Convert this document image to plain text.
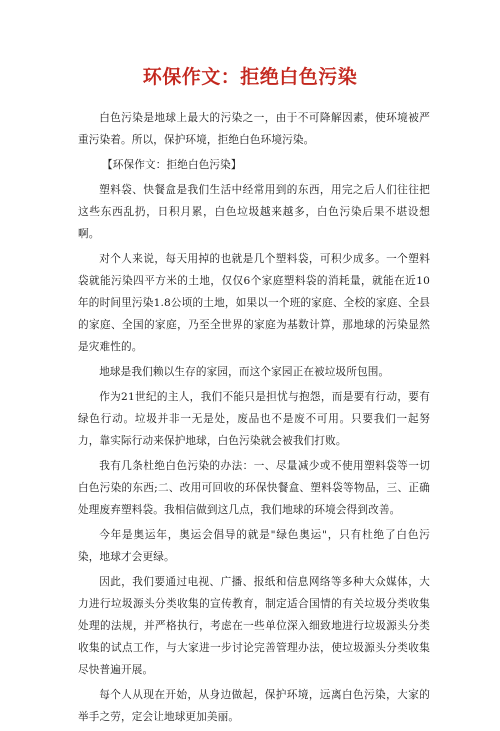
环保作文：拒绝白色污染

白色污染是地球上最大的污染之一，由于不可降解因素，使环境被严重污染着。所以，保护环境，拒绝白色环境污染。

【环保作文：拒绝白色污染】

塑料袋、快餐盒是我们生活中经常用到的东西，用完之后人们往往把这些东西乱扔，日积月累，白色垃圾越来越多，白色污染后果不堪设想啊。

对个人来说，每天用掉的也就是几个塑料袋，可积少成多。一个塑料袋就能污染四平方米的土地，仅仅6个家庭塑料袋的消耗量，就能在近10年的时间里污染1.8公顷的土地，如果以一个班的家庭、全校的家庭、全县的家庭、全国的家庭，乃至全世界的家庭为基数计算，那地球的污染显然是灾难性的。

地球是我们赖以生存的家园，而这个家园正在被垃圾所包围。

作为21世纪的主人，我们不能只是担忧与抱怨，而是要有行动，要有绿色行动。垃圾并非一无是处，废品也不是废不可用。只要我们一起努力，靠实际行动来保护地球，白色污染就会被我们打败。

我有几条杜绝白色污染的办法：一、尽量减少或不使用塑料袋等一切白色污染的东西;二、改用可回收的环保快餐盒、塑料袋等物品，三、正确处理废弃塑料袋。我相信做到这几点，我们地球的环境会得到改善。

今年是奥运年，奥运会倡导的就是"绿色奥运"，只有杜绝了白色污染，地球才会更绿。

因此，我们要通过电视、广播、报纸和信息网络等多种大众媒体，大力进行垃圾源头分类收集的宣传教育，制定适合国情的有关垃圾分类收集处理的法规，并严格执行，考虑在一些单位深入细致地进行垃圾源头分类收集的试点工作，与大家进一步讨论完善管理办法，使垃圾源头分类收集尽快普遍开展。

每个人从现在开始，从身边做起，保护环境，远离白色污染，大家的举手之劳，定会让地球更加美丽。
